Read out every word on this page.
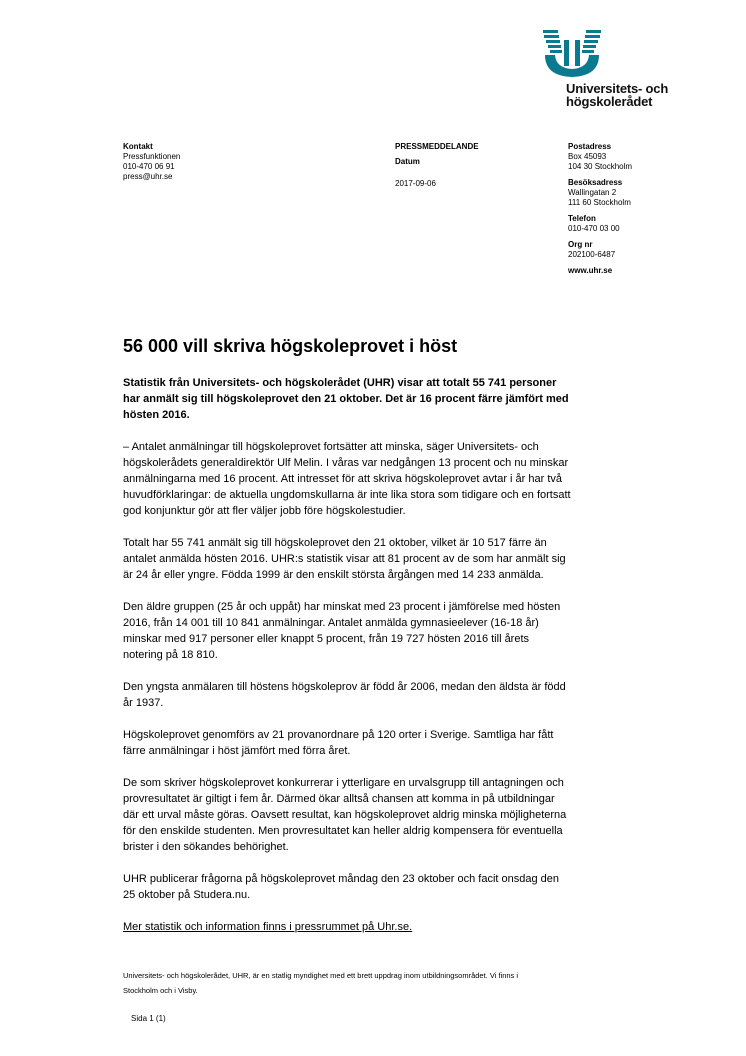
Universitets- och
högskolerådet
Kontakt
Pressfunktionen
010-470 06 91
press@uhr.se
PRESSMEDDELANDE
Datum
2017-09-06
Postadress
Box 45093
104 30 Stockholm
Besöksadress
Wallingatan 2
111 60 Stockholm
Telefon
010-470 03 00
Org nr
202100-6487
www.uhr.se
56 000 vill skriva högskoleprovet i höst

Statistik från Universitets- och högskolerådet (UHR) visar att totalt 55 741 personer har anmält sig till högskoleprovet den 21 oktober. Det är 16 procent färre jämfört med hösten 2016.

– Antalet anmälningar till högskoleprovet fortsätter att minska, säger Universitets- och högskolerådets generaldirektör Ulf Melin. I våras var nedgången 13 procent och nu minskar anmälningarna med 16 procent. Att intresset för att skriva högskoleprovet avtar i år har två huvudförklaringar: de aktuella ungdomskullarna är inte lika stora som tidigare och en fortsatt god konjunktur gör att fler väljer jobb före högskolestudier.

Totalt har 55 741 anmält sig till högskoleprovet den 21 oktober, vilket är 10 517 färre än antalet anmälda hösten 2016. UHR:s statistik visar att 81 procent av de som har anmält sig är 24 år eller yngre. Födda 1999 är den enskilt största årgången med 14 233 anmälda.

Den äldre gruppen (25 år och uppåt) har minskat med 23 procent i jämförelse med hösten 2016, från 14 001 till 10 841 anmälningar. Antalet anmälda gymnasieelever (16-18 år) minskar med 917 personer eller knappt 5 procent, från 19 727 hösten 2016 till årets notering på 18 810.

Den yngsta anmälaren till höstens högskoleprov är född år 2006, medan den äldsta är född år 1937.

Högskoleprovet genomförs av 21 provanordnare på 120 orter i Sverige. Samtliga har fått färre anmälningar i höst jämfört med förra året.

De som skriver högskoleprovet konkurrerar i ytterligare en urvalsgrupp till antagningen och provresultatet är giltigt i fem år. Därmed ökar alltså chansen att komma in på utbildningar där ett urval måste göras. Oavsett resultat, kan högskoleprovet aldrig minska möjligheterna för den enskilde studenten. Men provresultatet kan heller aldrig kompensera för eventuella brister i den sökandes behörighet.

UHR publicerar frågorna på högskoleprovet måndag den 23 oktober och facit onsdag den 25 oktober på Studera.nu.

Mer statistik och information finns i pressrummet på Uhr.se.

Universitets- och högskolerådet, UHR, är en statlig myndighet med ett brett uppdrag inom utbildningsområdet. Vi finns i Stockholm och i Visby.
Sida 1 (1)
